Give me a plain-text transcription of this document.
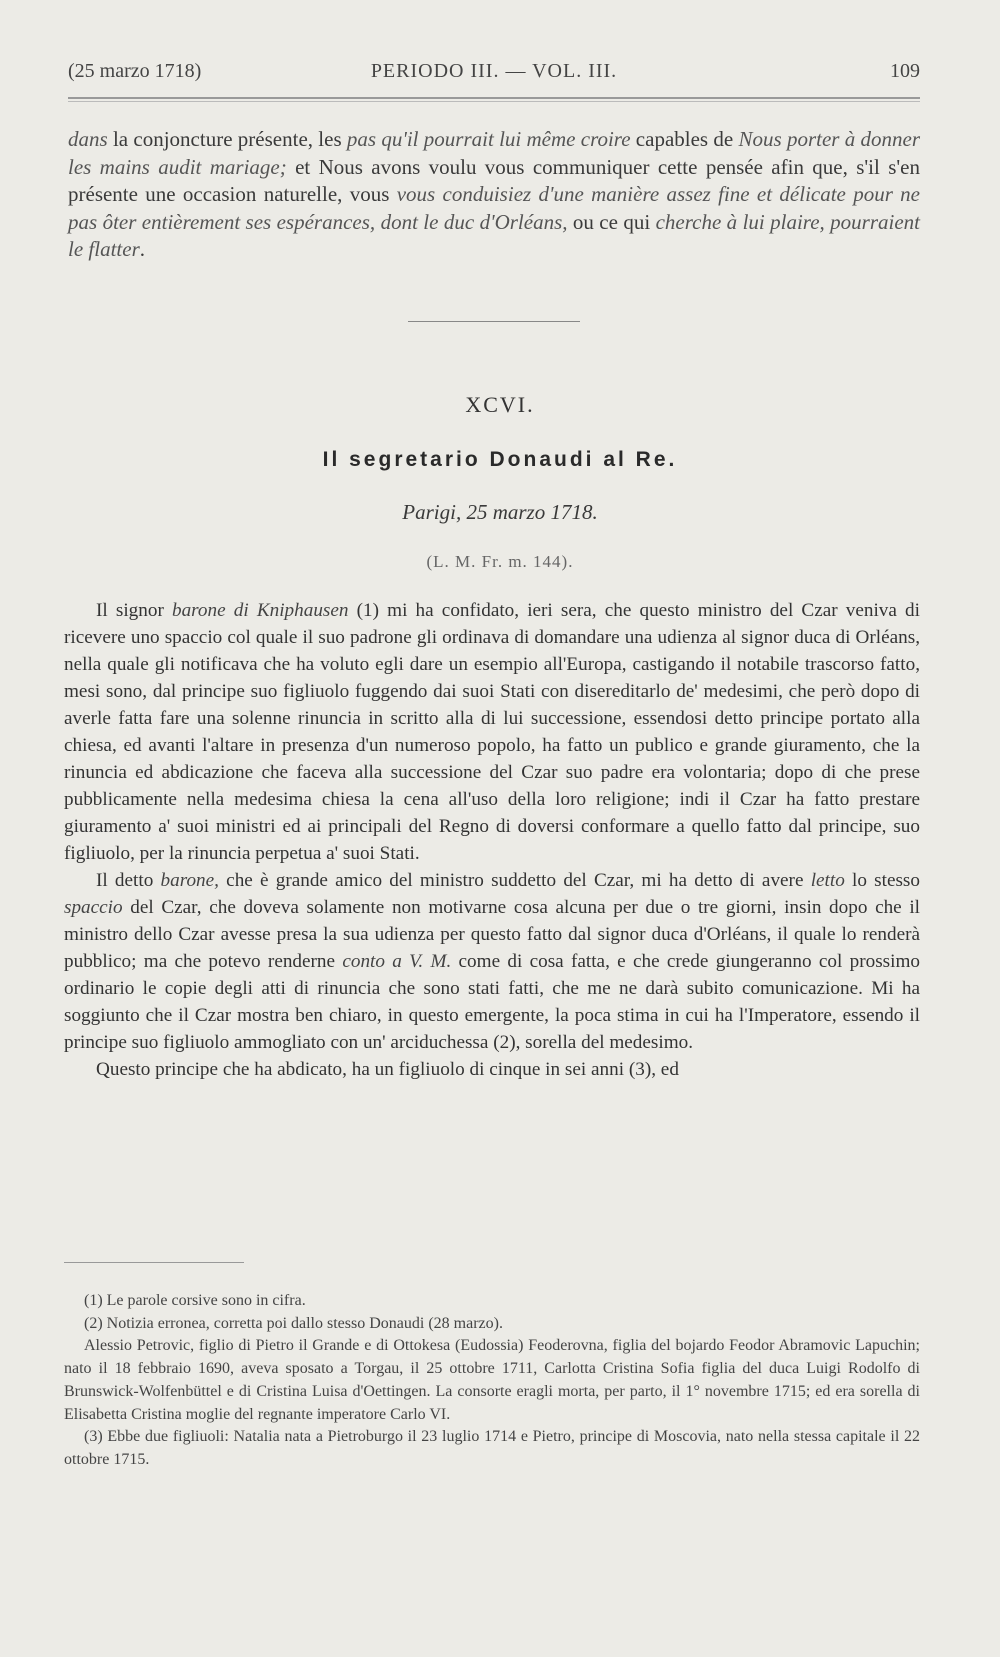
(25 marzo 1718)	PERIODO III. — VOL. III.	109

dans la conjoncture présente, les pas qu'il pourrait lui même croire capables de Nous porter à donner les mains audit mariage; et Nous avons voulu vous communiquer cette pensée afin que, s'il s'en présente une occasion naturelle, vous vous conduisiez d'une manière assez fine et délicate pour ne pas ôter entièrement ses espérances, dont le duc d'Orléans, ou ce qui cherche à lui plaire, pourraient le flatter.

XCVI.
Il segretario Donaudi al Re.
Parigi, 25 marzo 1718.
(L. M. Fr. m. 144).

Il signor barone di Kniphausen (1) mi ha confidato, ieri sera, che questo ministro del Czar veniva di ricevere uno spaccio col quale il suo padrone gli ordinava di domandare una udienza al signor duca di Orléans, nella quale gli notificava che ha voluto egli dare un esempio all'Europa, castigando il notabile trascorso fatto, mesi sono, dal principe suo figliuolo fuggendo dai suoi Stati con disereditarlo de' medesimi, che però dopo di averle fatta fare una solenne rinuncia in scritto alla di lui successione, essendosi detto principe portato alla chiesa, ed avanti l'altare in presenza d'un numeroso popolo, ha fatto un publico e grande giuramento, che la rinuncia ed abdicazione che faceva alla successione del Czar suo padre era volontaria; dopo di che prese pubblicamente nella medesima chiesa la cena all'uso della loro religione; indi il Czar ha fatto prestare giuramento a' suoi ministri ed ai principali del Regno di doversi conformare a quello fatto dal principe, suo figliuolo, per la rinuncia perpetua a' suoi Stati.

Il detto barone, che è grande amico del ministro suddetto del Czar, mi ha detto di avere letto lo stesso spaccio del Czar, che doveva solamente non motivarne cosa alcuna per due o tre giorni, insin dopo che il ministro dello Czar avesse presa la sua udienza per questo fatto dal signor duca d'Orléans, il quale lo renderà pubblico; ma che potevo renderne conto a V. M. come di cosa fatta, e che crede giungeranno col prossimo ordinario le copie degli atti di rinuncia che sono stati fatti, che me ne darà subito comunicazione. Mi ha soggiunto che il Czar mostra ben chiaro, in questo emergente, la poca stima in cui ha l'Imperatore, essendo il principe suo figliuolo ammogliato con un' arciduchessa (2), sorella del medesimo.

Questo principe che ha abdicato, ha un figliuolo di cinque in sei anni (3), ed

(1) Le parole corsive sono in cifra.

(2) Notizia erronea, corretta poi dallo stesso Donaudi (28 marzo).

Alessio Petrovic, figlio di Pietro il Grande e di Ottokesa (Eudossia) Feoderovna, figlia del bojardo Feodor Abramovic Lapuchin; nato il 18 febbraio 1690, aveva sposato a Torgau, il 25 ottobre 1711, Carlotta Cristina Sofia figlia del duca Luigi Rodolfo di Brunswick-Wolfenbüttel e di Cristina Luisa d'Oettingen. La consorte eragli morta, per parto, il 1° novembre 1715; ed era sorella di Elisabetta Cristina moglie del regnante imperatore Carlo VI.

(3) Ebbe due figliuoli: Natalia nata a Pietroburgo il 23 luglio 1714 e Pietro, principe di Moscovia, nato nella stessa capitale il 22 ottobre 1715.
